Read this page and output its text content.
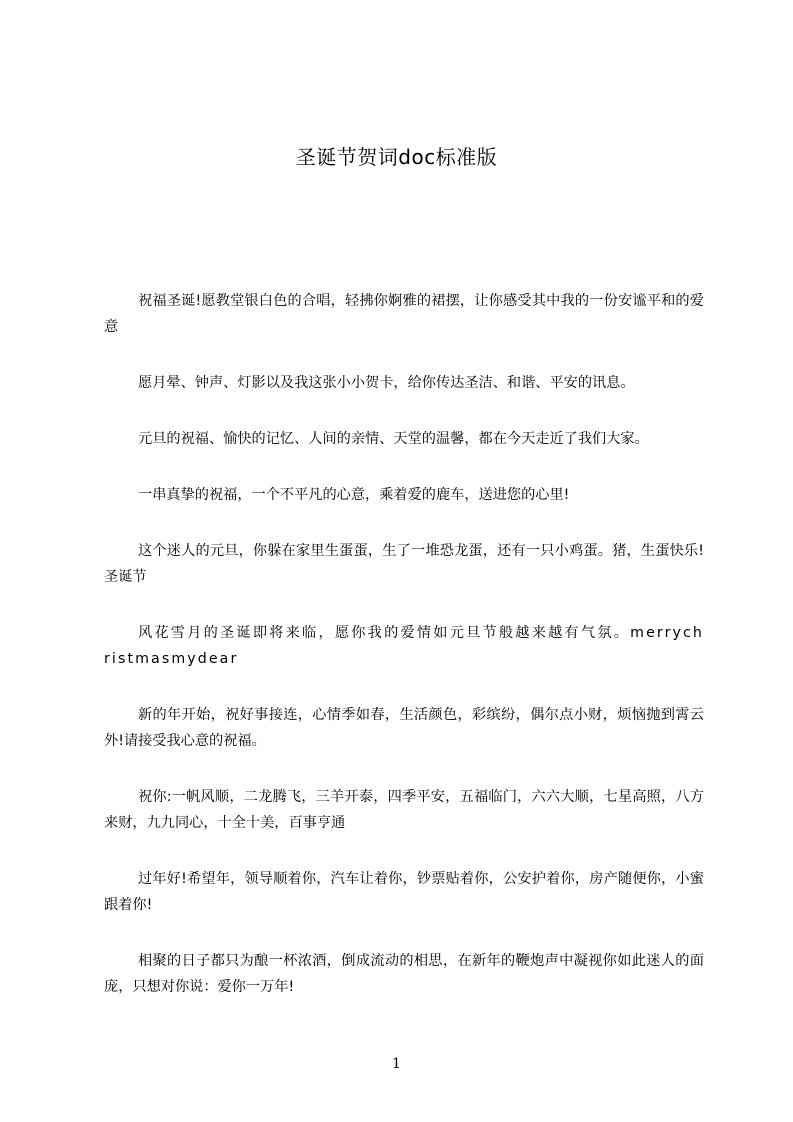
圣诞节贺词doc标准版

祝福圣诞!愿教堂银白色的合唱，轻拂你婀雅的裙摆，让你感受其中我的一份安谧平和的爱意

愿月晕、钟声、灯影以及我这张小小贺卡，给你传达圣洁、和谐、平安的讯息。

元旦的祝福、愉快的记忆、人间的亲情、天堂的温馨，都在今天走近了我们大家。

一串真挚的祝福，一个不平凡的心意，乘着爱的鹿车，送进您的心里!

这个迷人的元旦，你躲在家里生蛋蛋，生了一堆恐龙蛋，还有一只小鸡蛋。猪，生蛋快乐!圣诞节

风花雪月的圣诞即将来临，愿你我的爱情如元旦节般越来越有气氛。merrychristmasmydear

新的年开始，祝好事接连，心情季如春，生活颜色，彩缤纷，偶尔点小财，烦恼抛到霄云外!请接受我心意的祝福。

祝你:一帆风顺，二龙腾飞，三羊开泰，四季平安，五福临门，六六大顺，七星高照，八方来财，九九同心，十全十美，百事亨通

过年好!希望年，领导顺着你，汽车让着你，钞票贴着你，公安护着你，房产随便你，小蜜跟着你!

相聚的日子都只为酿一杯浓酒，倒成流动的相思，在新年的鞭炮声中凝视你如此迷人的面庞，只想对你说：爱你一万年!

1
